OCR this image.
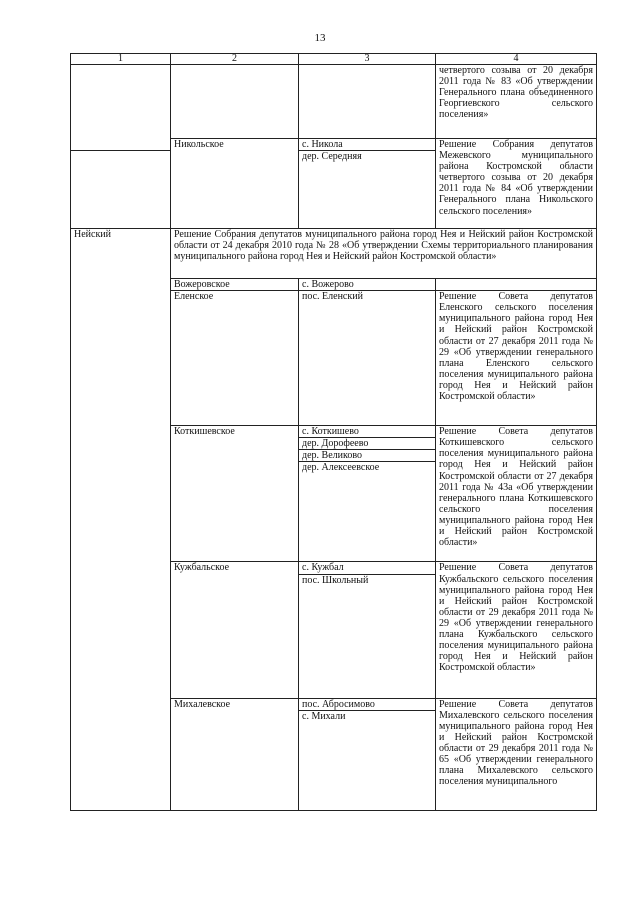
13
1	2	3	4
			четвертого созыва от 20 декабря 2011 года № 83 «Об утверждении Генерального плана объединенного Георгиевского сельского поселения»
	Никольское	с. Никола	Решение Собрания депутатов Межевского муниципального района Костромской области четвертого созыва от 20 декабря 2011 года № 84 «Об утверждении Генерального плана Никольского сельского поселения»
		дер. Середняя	
Нейский	Решение Собрания депутатов муниципального района город Нея и Нейский район Костромской области от 24 декабря 2010 года № 28 «Об утверждении Схемы территориального планирования муниципального района город Нея и Нейский район Костромской области»		
	Вожеровское	с. Вожерово	
	Еленское	пос. Еленский	Решение Совета депутатов Еленского сельского поселения муниципального района город Нея и Нейский район Костромской области от 27 декабря 2011 года № 29 «Об утверждении генерального плана Еленского сельского поселения муниципального района город Нея и Нейский район Костромской области»
	Коткишевское	с. Коткишево	Решение Совета депутатов Коткишевского сельского поселения муниципального района город Нея и Нейский район Костромской области от 27 декабря 2011 года № 43а «Об утверждении генерального плана Коткишевского сельского поселения муниципального района город Нея и Нейский район Костромской области»
		дер. Дорофеево	
		дер. Великово	
		дер. Алексеевское	
	Кужбальское	с. Кужбал	Решение Совета депутатов Кужбальского сельского поселения муниципального района город Нея и Нейский район Костромской области от 29 декабря 2011 года № 29 «Об утверждении генерального плана Кужбальского сельского поселения муниципального района город Нея и Нейский район Костромской области»
		пос. Школьный	
	Михалевское	пос. Абросимово	Решение Совета депутатов Михалевского сельского поселения муниципального района город Нея и Нейский район Костромской области от 29 декабря 2011 года № 65 «Об утверждении генерального плана Михалевского сельского поселения муниципального
		с. Михали	
